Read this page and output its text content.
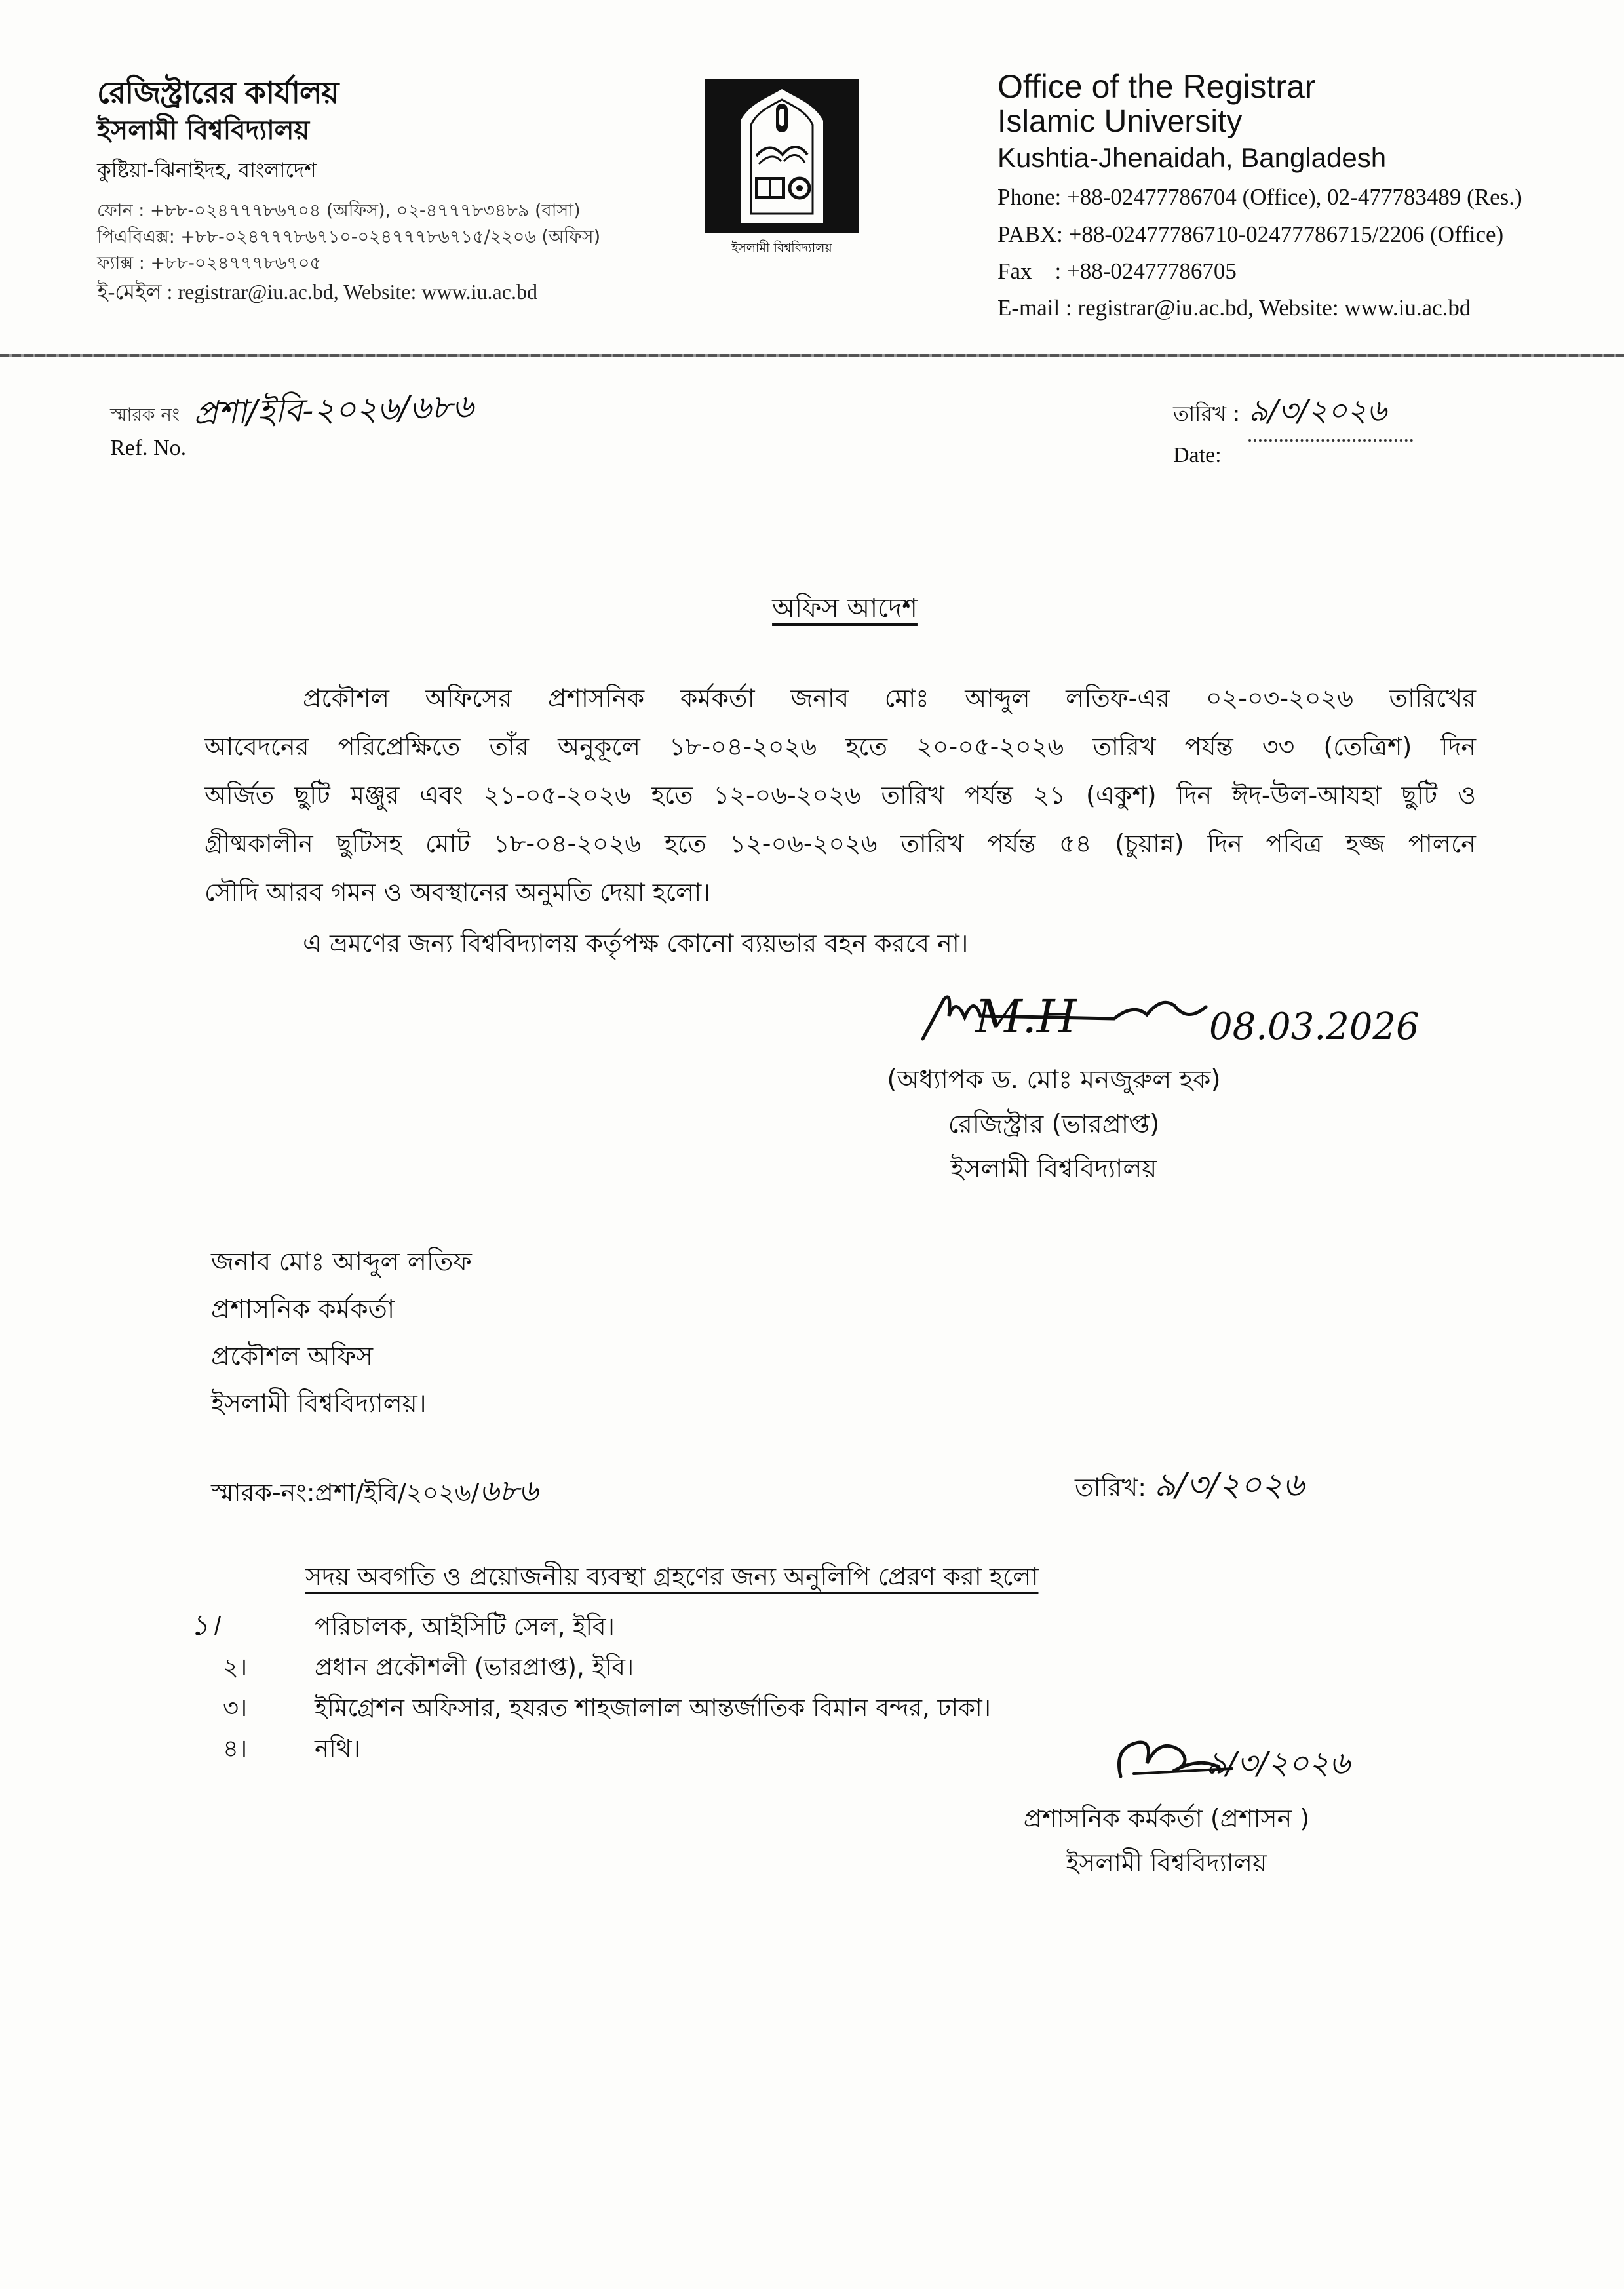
রেজিস্ট্রারের কার্যালয়
ইসলামী বিশ্ববিদ্যালয়
কুষ্টিয়া-ঝিনাইদহ, বাংলাদেশ
ফোন : +৮৮-০২৪৭৭৭৮৬৭০৪ (অফিস), ০২-৪৭৭৭৮৩৪৮৯ (বাসা)
পিএবিএক্স: +৮৮-০২৪৭৭৭৮৬৭১০-০২৪৭৭৭৮৬৭১৫/২২০৬ (অফিস)
ফ্যাক্স : +৮৮-০২৪৭৭৭৮৬৭০৫
ই-মেইল : registrar@iu.ac.bd, Website: www.iu.ac.bd
ইসলামী বিশ্ববিদ্যালয়
Office of the Registrar
Islamic University
Kushtia-Jhenaidah, Bangladesh
Phone: +88-02477786704 (Office), 02-477783489 (Res.)
PABX: +88-02477786710-02477786715/2206 (Office)
Fax    : +88-02477786705
E-mail : registrar@iu.ac.bd, Website: www.iu.ac.bd
স্মারক নং প্রশা/ইবি-২০২৬/৬৮৬
Ref. No.
তারিখ : ৯/৩/২০২৬
Date:
অফিস আদেশ
প্রকৌশল অফিসের প্রশাসনিক কর্মকর্তা জনাব মোঃ আব্দুল লতিফ-এর ০২-০৩-২০২৬ তারিখের
আবেদনের পরিপ্রেক্ষিতে তাঁর অনুকূলে ১৮-০৪-২০২৬ হতে ২০-০৫-২০২৬ তারিখ পর্যন্ত ৩৩ (তেত্রিশ) দিন
অর্জিত ছুটি মঞ্জুর এবং ২১-০৫-২০২৬ হতে ১২-০৬-২০২৬ তারিখ পর্যন্ত ২১ (একুশ) দিন ঈদ-উল-আযহা ছুটি ও
গ্রীষ্মকালীন ছুটিসহ মোট ১৮-০৪-২০২৬ হতে ১২-০৬-২০২৬ তারিখ পর্যন্ত ৫৪ (চুয়ান্ন) দিন পবিত্র হজ্জ পালনে
সৌদি আরব গমন ও অবস্থানের অনুমতি দেয়া হলো।
এ ভ্রমণের জন্য বিশ্ববিদ্যালয় কর্তৃপক্ষ কোনো ব্যয়ভার বহন করবে না।
M.H	08.03.2026
(অধ্যাপক ড. মোঃ মনজুরুল হক)
রেজিস্ট্রার (ভারপ্রাপ্ত)
ইসলামী বিশ্ববিদ্যালয়
জনাব মোঃ আব্দুল লতিফ
প্রশাসনিক কর্মকর্তা
প্রকৌশল অফিস
ইসলামী বিশ্ববিদ্যালয়।
স্মারক-নং:প্রশা/ইবি/২০২৬/৬৮৬	তারিখ: ৯/৩/২০২৬
সদয় অবগতি ও প্রয়োজনীয় ব্যবস্থা গ্রহণের জন্য অনুলিপি প্রেরণ করা হলো
১।	পরিচালক, আইসিটি সেল, ইবি।
২।	প্রধান প্রকৌশলী (ভারপ্রাপ্ত), ইবি।
৩।	ইমিগ্রেশন অফিসার, হযরত শাহজালাল আন্তর্জাতিক বিমান বন্দর, ঢাকা।
৪।	নথি।	৯/৩/২০২৬
প্রশাসনিক কর্মকর্তা (প্রশাসন )
ইসলামী বিশ্ববিদ্যালয়
